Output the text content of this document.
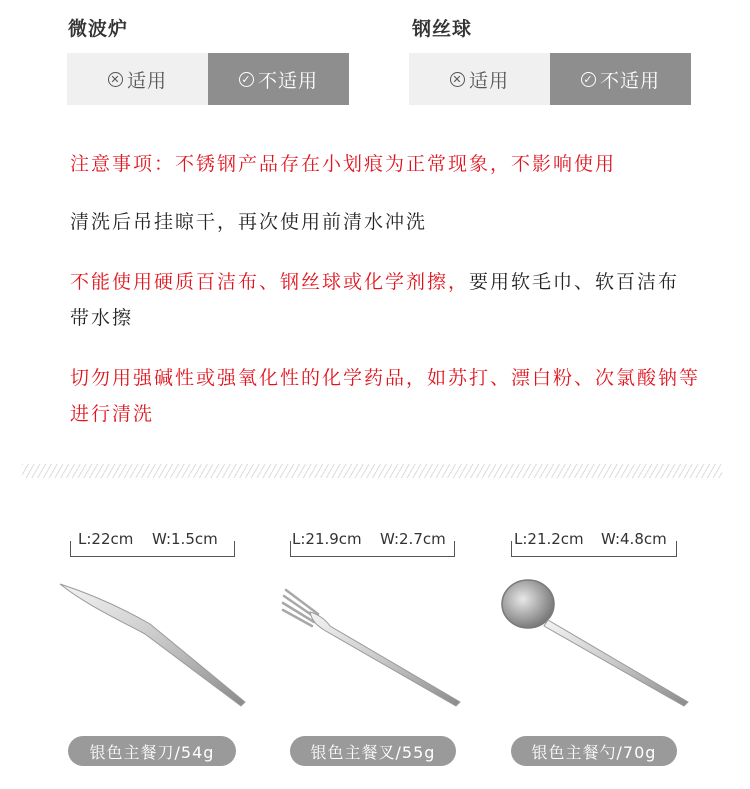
微波炉
✕ 适用	✓ 不适用
钢丝球
✕ 适用	✓ 不适用
注意事项：不锈钢产品存在小划痕为正常现象，不影响使用
清洗后吊挂晾干，再次使用前清水冲洗
不能使用硬质百洁布、钢丝球或化学剂擦，要用软毛巾、软百洁布带水擦
切勿用强碱性或强氧化性的化学药品，如苏打、漂白粉、次氯酸钠等进行清洗
L:22cm W:1.5cm
银色主餐刀/54g
L:21.9cm W:2.7cm
银色主餐叉/55g
L:21.2cm W:4.8cm
银色主餐勺/70g
